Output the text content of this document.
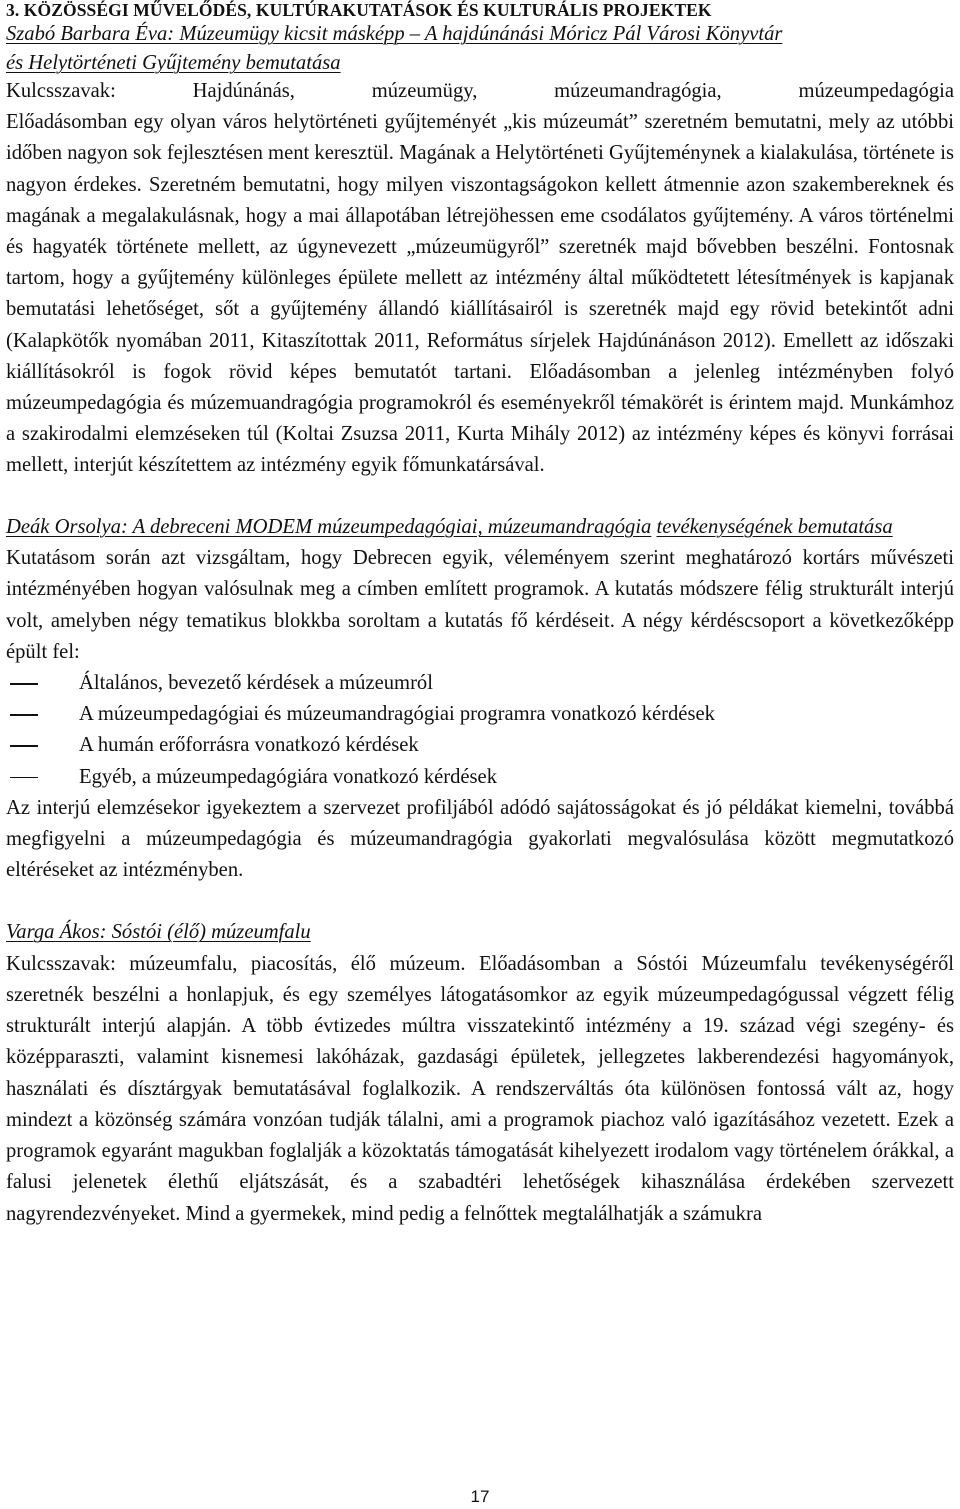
3. KÖZÖSSÉGI MŰVELŐDÉS, KULTÚRAKUTATÁSOK ÉS KULTURÁLIS PROJEKTEK

Szabó Barbara Éva: Múzeumügy kicsit másképp – A hajdúnánási Móricz Pál Városi Könyvtár

és Helytörténeti Gyűjtemény bemutatása

Kulcsszavak: Hajdúnánás, múzeumügy, múzeumandragógia, múzeumpedagógia

Előadásomban egy olyan város helytörténeti gyűjteményét „kis múzeumát” szeretném bemutatni, mely az utóbbi időben nagyon sok fejlesztésen ment keresztül. Magának a Helytörténeti Gyűjteménynek a kialakulása, története is nagyon érdekes. Szeretném bemutatni, hogy milyen viszontagságokon kellett átmennie azon szakembereknek és magának a megalakulásnak, hogy a mai állapotában létrejöhessen eme csodálatos gyűjtemény. A város történelmi és hagyaték története mellett, az úgynevezett „múzeumügyről” szeretnék majd bővebben beszélni. Fontosnak tartom, hogy a gyűjtemény különleges épülete mellett az intézmény által működtetett létesítmények is kapjanak bemutatási lehetőséget, sőt a gyűjtemény állandó kiállításairól is szeretnék majd egy rövid betekintőt adni (Kalapkötők nyomában 2011, Kitaszítottak 2011, Református sírjelek Hajdúnánáson 2012). Emellett az időszaki kiállításokról is fogok rövid képes bemutatót tartani. Előadásomban a jelenleg intézményben folyó múzeumpedagógia és múzemuandragógia programokról és eseményekről témakörét is érintem majd. Munkámhoz a szakirodalmi elemzéseken túl (Koltai Zsuzsa 2011, Kurta Mihály 2012) az intézmény képes és könyvi forrásai mellett, interjút készítettem az intézmény egyik főmunkatársával.

Deák Orsolya: A debreceni MODEM múzeumpedagógiai, múzeumandragógia tevékenységének bemutatása

Kutatásom során azt vizsgáltam, hogy Debrecen egyik, véleményem szerint meghatározó kortárs művészeti intézményében hogyan valósulnak meg a címben említett programok. A kutatás módszere félig strukturált interjú volt, amelyben négy tematikus blokkba soroltam a kutatás fő kérdéseit. A négy kérdéscsoport a következőképp épült fel:

Általános, bevezető kérdések a múzeumról
A múzeumpedagógiai és múzeumandragógiai programra vonatkozó kérdések
A humán erőforrásra vonatkozó kérdések
Egyéb, a múzeumpedagógiára vonatkozó kérdések

Az interjú elemzésekor igyekeztem a szervezet profiljából adódó sajátosságokat és jó példákat kiemelni, továbbá megfigyelni a múzeumpedagógia és múzeumandragógia gyakorlati megvalósulása között megmutatkozó eltéréseket az intézményben.

Varga Ákos: Sóstói (élő) múzeumfalu

Kulcsszavak: múzeumfalu, piacosítás, élő múzeum. Előadásomban a Sóstói Múzeumfalu tevékenységéről szeretnék beszélni a honlapjuk, és egy személyes látogatásomkor az egyik múzeumpedagógussal végzett félig strukturált interjú alapján. A több évtizedes múltra visszatekintő intézmény a 19. század végi szegény- és középparaszti, valamint kisnemesi lakóházak, gazdasági épületek, jellegzetes lakberendezési hagyományok, használati és dísztárgyak bemutatásával foglalkozik. A rendszerváltás óta különösen fontossá vált az, hogy mindezt a közönség számára vonzóan tudják tálalni, ami a programok piachoz való igazításához vezetett. Ezek a programok egyaránt magukban foglalják a közoktatás támogatását kihelyezett irodalom vagy történelem órákkal, a falusi jelenetek élethű eljátszását, és a szabadtéri lehetőségek kihasználása érdekében szervezett nagyrendezvényeket. Mind a gyermekek, mind pedig a felnőttek megtalálhatják a számukra

17
